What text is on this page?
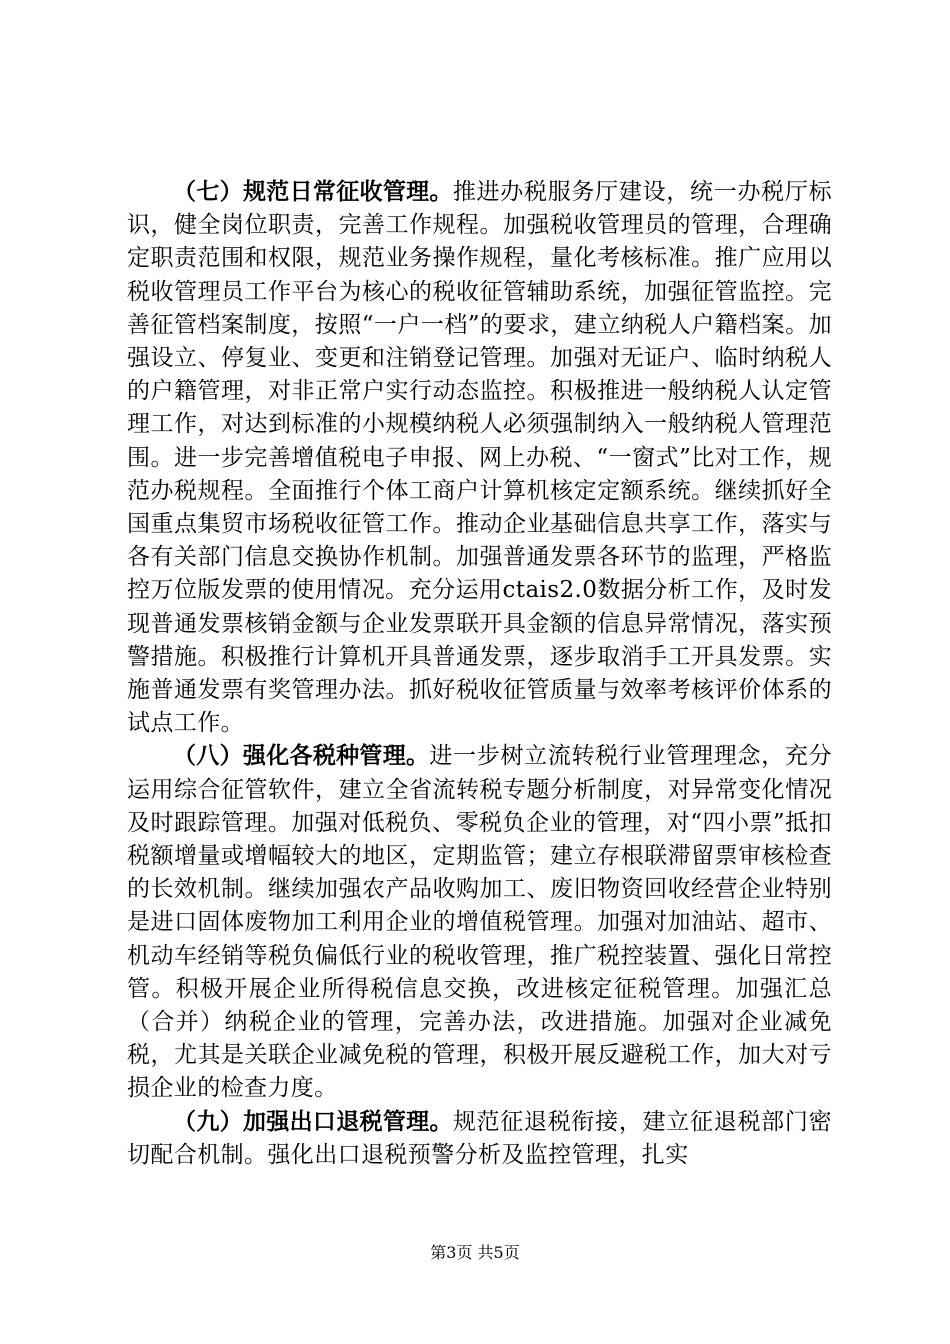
（七）规范日常征收管理。推进办税服务厅建设，统一办税厅标识，健全岗位职责，完善工作规程。加强税收管理员的管理，合理确定职责范围和权限，规范业务操作规程，量化考核标准。推广应用以税收管理员工作平台为核心的税收征管辅助系统，加强征管监控。完善征管档案制度，按照“一户一档”的要求，建立纳税人户籍档案。加强设立、停复业、变更和注销登记管理。加强对无证户、临时纳税人的户籍管理，对非正常户实行动态监控。积极推进一般纳税人认定管理工作，对达到标准的小规模纳税人必须强制纳入一般纳税人管理范围。进一步完善增值税电子申报、网上办税、“一窗式”比对工作，规范办税规程。全面推行个体工商户计算机核定定额系统。继续抓好全国重点集贸市场税收征管工作。推动企业基础信息共享工作，落实与各有关部门信息交换协作机制。加强普通发票各环节的监理，严格监控万位版发票的使用情况。充分运用ctais2.0数据分析工作，及时发现普通发票核销金额与企业发票联开具金额的信息异常情况，落实预警措施。积极推行计算机开具普通发票，逐步取消手工开具发票。实施普通发票有奖管理办法。抓好税收征管质量与效率考核评价体系的试点工作。

（八）强化各税种管理。进一步树立流转税行业管理理念，充分运用综合征管软件，建立全省流转税专题分析制度，对异常变化情况及时跟踪管理。加强对低税负、零税负企业的管理，对“四小票”抵扣税额增量或增幅较大的地区，定期监管；建立存根联滞留票审核检查的长效机制。继续加强农产品收购加工、废旧物资回收经营企业特别是进口固体废物加工利用企业的增值税管理。加强对加油站、超市、机动车经销等税负偏低行业的税收管理，推广税控装置、强化日常控管。积极开展企业所得税信息交换，改进核定征税管理。加强汇总（合并）纳税企业的管理，完善办法，改进措施。加强对企业减免税，尤其是关联企业减免税的管理，积极开展反避税工作，加大对亏损企业的检查力度。

（九）加强出口退税管理。规范征退税衔接，建立征退税部门密切配合机制。强化出口退税预警分析及监控管理，扎实

第3页 共5页
